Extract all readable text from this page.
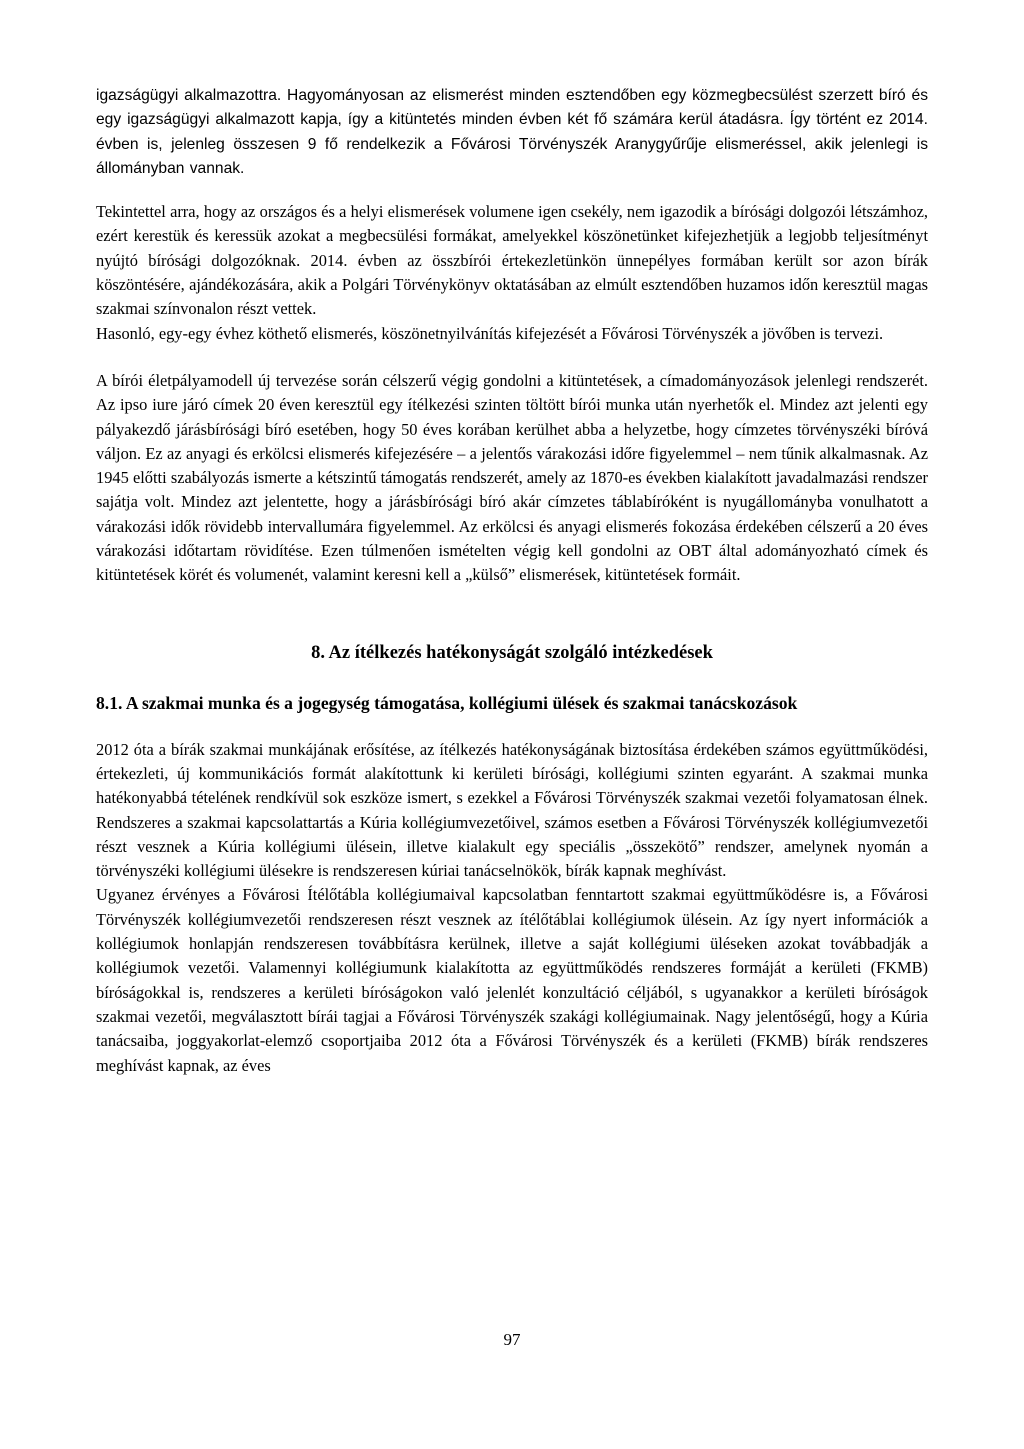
igazságügyi alkalmazottra. Hagyományosan az elismerést minden esztendőben egy közmegbecsülést szerzett bíró és egy igazságügyi alkalmazott kapja, így a kitüntetés minden évben két fő számára kerül átadásra. Így történt ez 2014. évben is, jelenleg összesen 9 fő rendelkezik a Fővárosi Törvényszék Aranygyűrűje elismeréssel, akik jelenlegi is állományban vannak.

Tekintettel arra, hogy az országos és a helyi elismerések volumene igen csekély, nem igazodik a bírósági dolgozói létszámhoz, ezért kerestük és keressük azokat a megbecsülési formákat, amelyekkel köszönetünket kifejezhetjük a legjobb teljesítményt nyújtó bírósági dolgozóknak. 2014. évben az összbírói értekezletünkön ünnepélyes formában került sor azon bírák köszöntésére, ajándékozására, akik a Polgári Törvénykönyv oktatásában az elmúlt esztendőben huzamos időn keresztül magas szakmai színvonalon részt vettek.

Hasonló, egy-egy évhez köthető elismerés, köszönetnyilvánítás kifejezését a Fővárosi Törvényszék a jövőben is tervezi.

A bírói életpályamodell új tervezése során célszerű végig gondolni a kitüntetések, a címadományozások jelenlegi rendszerét. Az ipso iure járó címek 20 éven keresztül egy ítélkezési szinten töltött bírói munka után nyerhetők el. Mindez azt jelenti egy pályakezdő járásbírósági bíró esetében, hogy 50 éves korában kerülhet abba a helyzetbe, hogy címzetes törvényszéki bíróvá váljon. Ez az anyagi és erkölcsi elismerés kifejezésére – a jelentős várakozási időre figyelemmel – nem tűnik alkalmasnak. Az 1945 előtti szabályozás ismerte a kétszintű támogatás rendszerét, amely az 1870-es években kialakított javadalmazási rendszer sajátja volt. Mindez azt jelentette, hogy a járásbírósági bíró akár címzetes táblabíróként is nyugállományba vonulhatott a várakozási idők rövidebb intervallumára figyelemmel. Az erkölcsi és anyagi elismerés fokozása érdekében célszerű a 20 éves várakozási időtartam rövidítése. Ezen túlmenően ismételten végig kell gondolni az OBT által adományozható címek és kitüntetések körét és volumenét, valamint keresni kell a „külső” elismerések, kitüntetések formáit.

8. Az ítélkezés hatékonyságát szolgáló intézkedések
8.1. A szakmai munka és a jogegység támogatása, kollégiumi ülések és szakmai tanácskozások

2012 óta a bírák szakmai munkájának erősítése, az ítélkezés hatékonyságának biztosítása érdekében számos együttműködési, értekezleti, új kommunikációs formát alakítottunk ki kerületi bírósági, kollégiumi szinten egyaránt. A szakmai munka hatékonyabbá tételének rendkívül sok eszköze ismert, s ezekkel a Fővárosi Törvényszék szakmai vezetői folyamatosan élnek. Rendszeres a szakmai kapcsolattartás a Kúria kollégiumvezetőivel, számos esetben a Fővárosi Törvényszék kollégiumvezetői részt vesznek a Kúria kollégiumi ülésein, illetve kialakult egy speciális „összekötő” rendszer, amelynek nyomán a törvényszéki kollégiumi ülésekre is rendszeresen kúriai tanácselnökök, bírák kapnak meghívást.

Ugyanez érvényes a Fővárosi Ítélőtábla kollégiumaival kapcsolatban fenntartott szakmai együttműködésre is, a Fővárosi Törvényszék kollégiumvezetői rendszeresen részt vesznek az ítélőtáblai kollégiumok ülésein. Az így nyert információk a kollégiumok honlapján rendszeresen továbbításra kerülnek, illetve a saját kollégiumi üléseken azokat továbbadják a kollégiumok vezetői. Valamennyi kollégiumunk kialakította az együttműködés rendszeres formáját a kerületi (FKMB) bíróságokkal is, rendszeres a kerületi bíróságokon való jelenlét konzultáció céljából, s ugyanakkor a kerületi bíróságok szakmai vezetői, megválasztott bírái tagjai a Fővárosi Törvényszék szakági kollégiumainak. Nagy jelentőségű, hogy a Kúria tanácsaiba, joggyakorlat-elemző csoportjaiba 2012 óta a Fővárosi Törvényszék és a kerületi (FKMB) bírák rendszeres meghívást kapnak, az éves

97
